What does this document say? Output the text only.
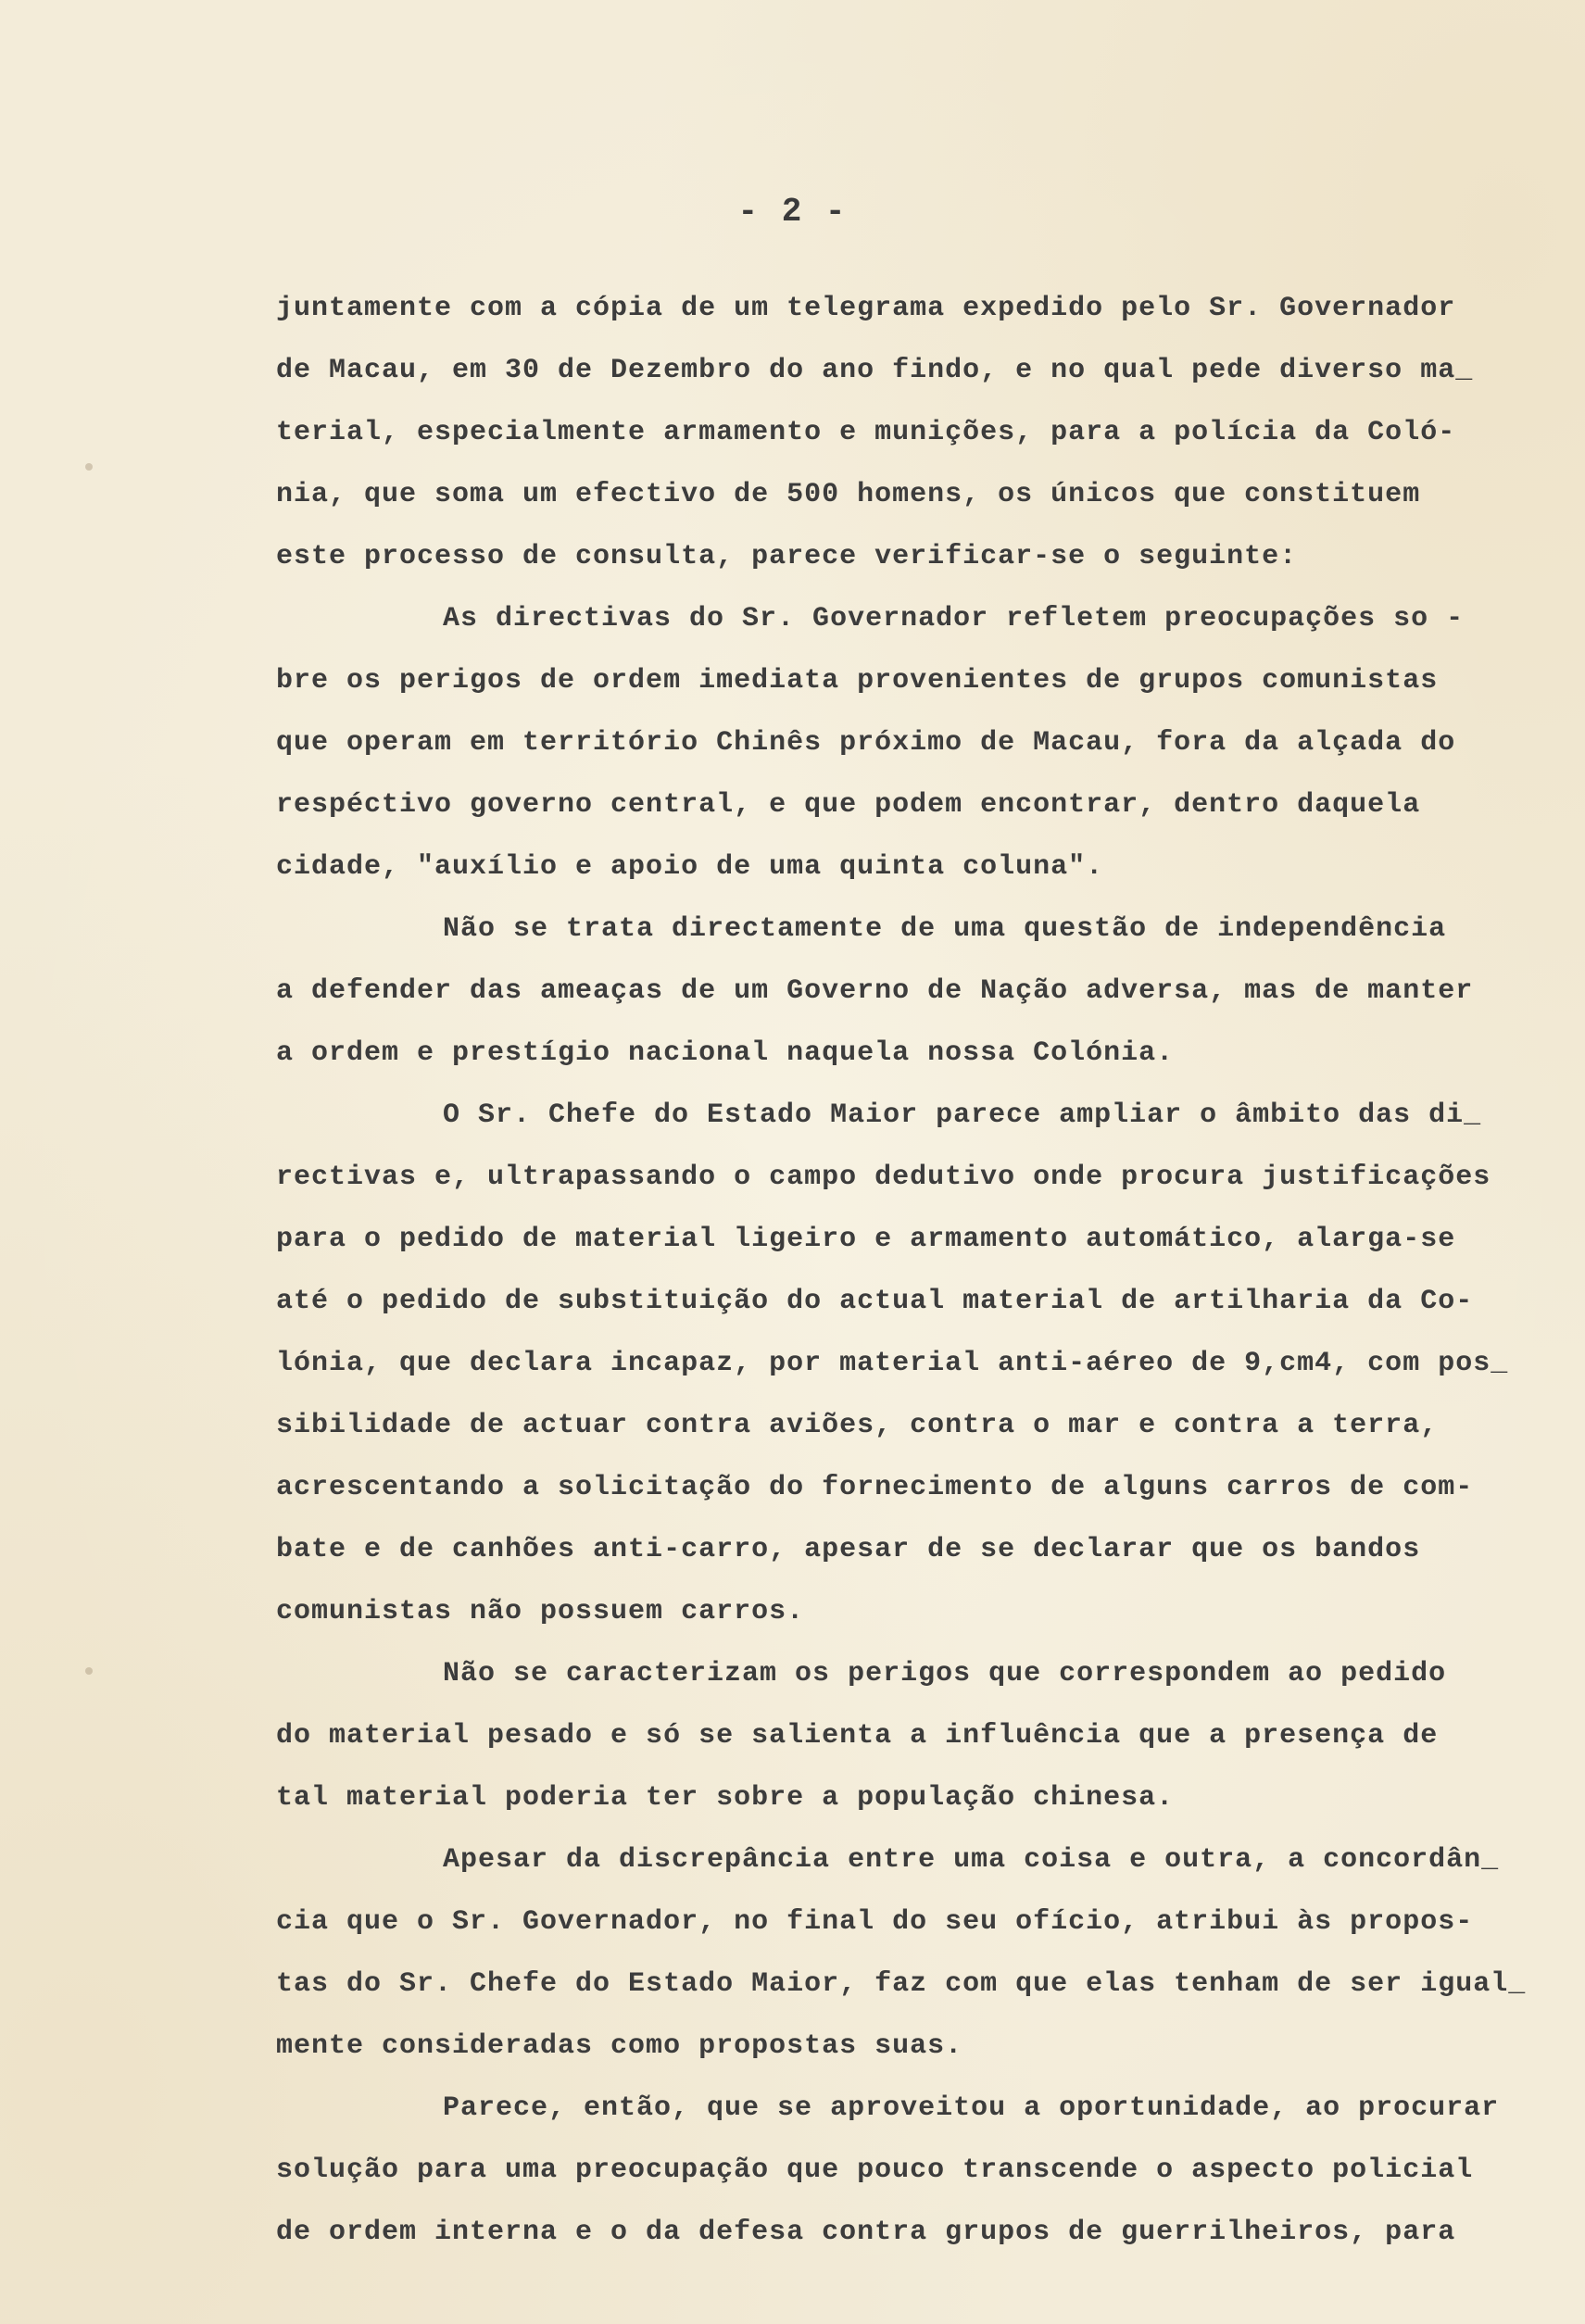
- 2 -
juntamente com a cópia de um telegrama expedido pelo Sr. Governador
de Macau, em 30 de Dezembro do ano findo, e no qual pede diverso ma_
terial, especialmente armamento e munições, para a polícia da Coló-
nia, que soma um efectivo de 500 homens, os únicos que constituem
este processo de consulta, parece verificar-se o seguinte:
As directivas do Sr. Governador refletem preocupações so -
bre os perigos de ordem imediata provenientes de grupos comunistas
que operam em território Chinês próximo de Macau, fora da alçada do
respéctivo governo central, e que podem encontrar, dentro daquela
cidade, "auxílio e apoio de uma quinta coluna".
Não se trata directamente de uma questão de independência
a defender das ameaças de um Governo de Nação adversa, mas de manter
a ordem e prestígio nacional naquela nossa Colónia.
O Sr. Chefe do Estado Maior parece ampliar o âmbito das di_
rectivas e, ultrapassando o campo dedutivo onde procura justificações
para o pedido de material ligeiro e armamento automático, alarga-se
até o pedido de substituição do actual material de artilharia da Co-
lónia, que declara incapaz, por material anti-aéreo de 9,cm4, com pos_
sibilidade de actuar contra aviões, contra o mar e contra a terra,
acrescentando a solicitação do fornecimento de alguns carros de com-
bate e de canhões anti-carro, apesar de se declarar que os bandos
comunistas não possuem carros.
Não se caracterizam os perigos que correspondem ao pedido
do material pesado e só se salienta a influência que a presença de
tal material poderia ter sobre a população chinesa.
Apesar da discrepância entre uma coisa e outra, a concordân_
cia que o Sr. Governador, no final do seu ofício, atribui às propos-
tas do Sr. Chefe do Estado Maior, faz com que elas tenham de ser igual_
mente consideradas como propostas suas.
Parece, então, que se aproveitou a oportunidade, ao procurar
solução para uma preocupação que pouco transcende o aspecto policial
de ordem interna e o da defesa contra grupos de guerrilheiros, para
